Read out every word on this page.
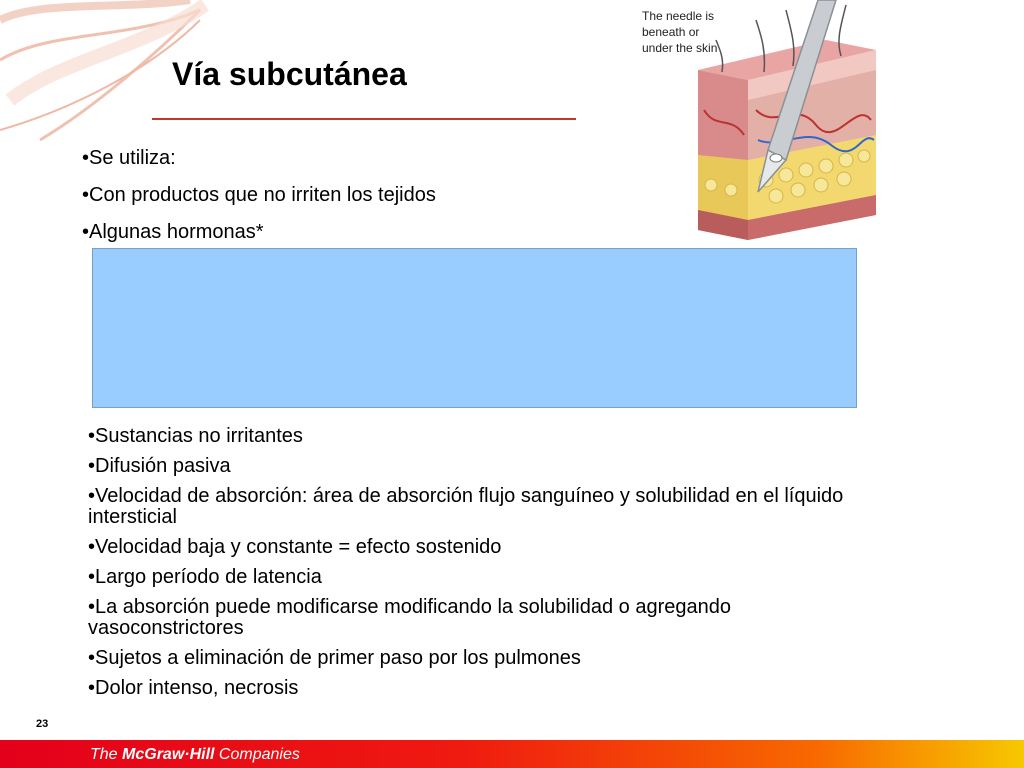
Vía subcutánea
•Se utiliza:
•Con productos que no irriten los tejidos
•Algunas hormonas*
The needle is
beneath or
under the skin
•Sustancias no irritantes
•Difusión pasiva
•Velocidad de absorción: área de absorción flujo sanguíneo y solubilidad en el líquido intersticial
•Velocidad baja y constante = efecto sostenido
•Largo período de latencia
•La absorción puede modificarse modificando la solubilidad o agregando vasoconstrictores
•Sujetos a eliminación de primer paso por los pulmones
•Dolor intenso, necrosis
23
The McGraw·Hill Companies
